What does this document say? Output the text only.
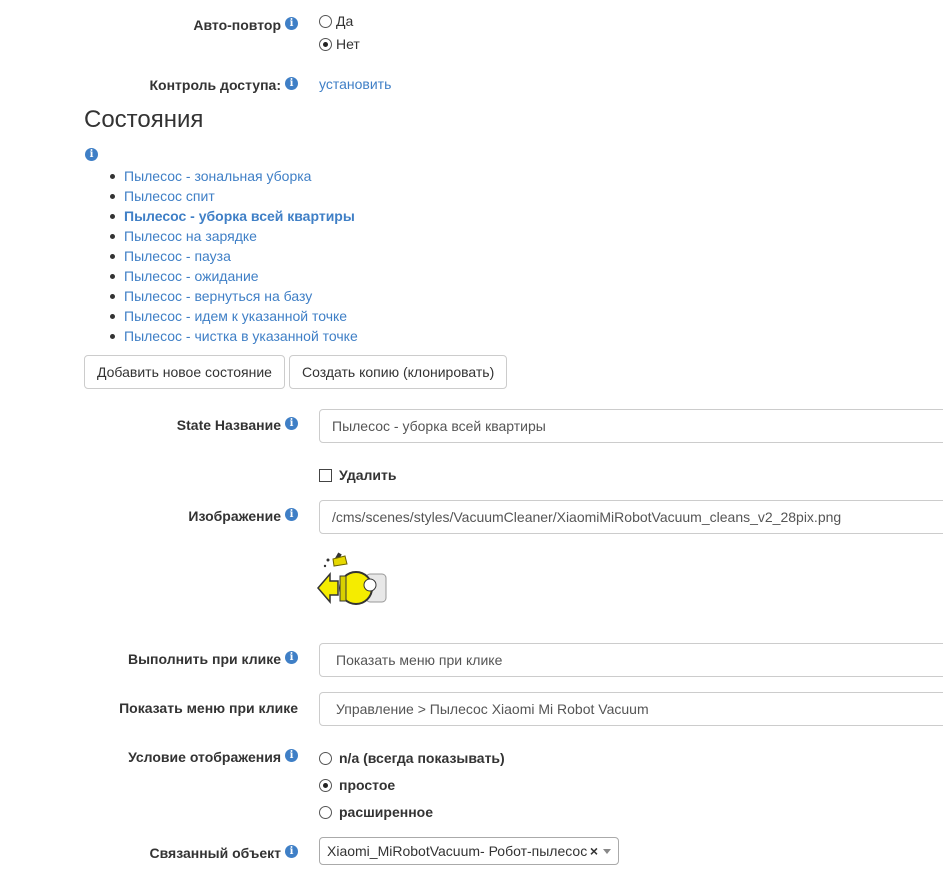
Авто-повтор i	Да
Нет
Контроль доступа: i	установить
Состояния
i
Пылесос - зональная уборка
Пылесос спит
Пылесос - уборка всей квартиры
Пылесос на зарядке
Пылесос - пауза
Пылесос - ожидание
Пылесос - вернуться на базу
Пылесос - идем к указанной точке
Пылесос - чистка в указанной точке
Добавить новое состояние	Создать копию (клонировать)
State Название i	Пылесос - уборка всей квартиры
Удалить
Изображение i	/cms/scenes/styles/VacuumCleaner/XiaomiMiRobotVacuum_cleans_v2_28pix.png
Выполнить при клике i	Показать меню при клике
Показать меню при клике	Управление > Пылесос Xiaomi Mi Robot Vacuum
Условие отображения i	n/a (всегда показывать)
простое
расширенное
Связанный объект i	Xiaomi_MiRobotVacuum- Робот-пылесос ×
